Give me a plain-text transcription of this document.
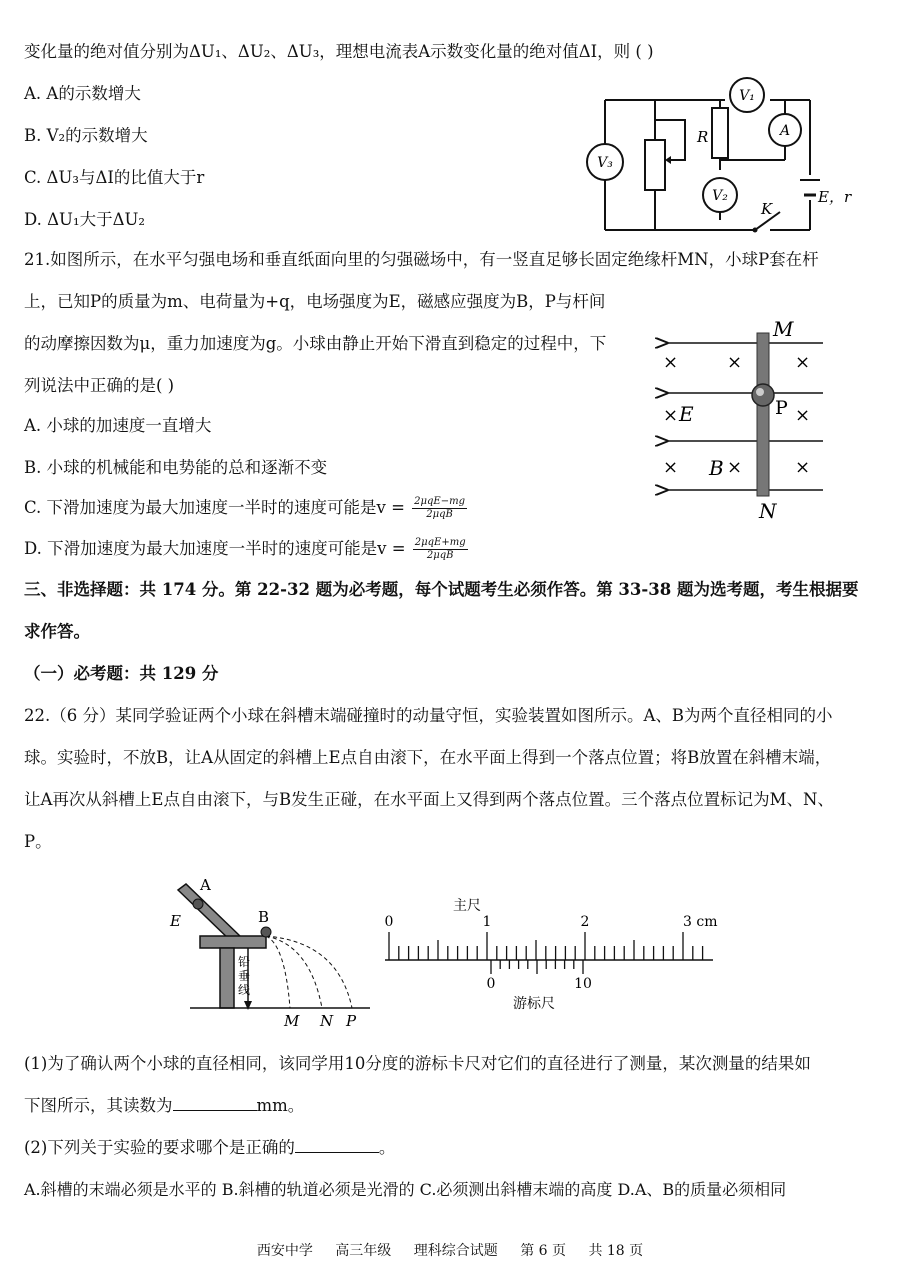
变化量的绝对值分别为ΔU₁、ΔU₂、ΔU₃，理想电流表A示数变化量的绝对值ΔI，则 ( )
A. A的示数增大
B. V₂的示数增大
C. ΔU₃与ΔI的比值大于r
D. ΔU₁大于ΔU₂
V₁
A
V₂
V₃
R
K
E，r
21.如图所示，在水平匀强电场和垂直纸面向里的匀强磁场中，有一竖直足够长固定绝缘杆MN，小球P套在杆
上，已知P的质量为m、电荷量为+q，电场强度为E，磁感应强度为B，P与杆间
的动摩擦因数为μ，重力加速度为g。小球由静止开始下滑直到稳定的过程中，下
列说法中正确的是( )
A. 小球的加速度一直增大
B. 小球的机械能和电势能的总和逐渐不变
C. 下滑加速度为最大加速度一半时的速度可能是$v = \frac{\text{2μqE−mg}}{\text{2μqB}}$
D. 下滑加速度为最大加速度一半时的速度可能是$v = \frac{\text{2μqE+mg}}{\text{2μqB}}$
×	×	×
×	×
×	×	×
M
N
P
E
B
三、非选择题：共 174 分。第 22-32 题为必考题，每个试题考生必须作答。第 33-38 题为选考题，考生根据要
求作答。
（一）必考题：共 129 分
22.（6 分）某同学验证两个小球在斜槽末端碰撞时的动量守恒，实验装置如图所示。A、B为两个直径相同的小
球。实验时，不放B，让A从固定的斜槽上E点自由滚下，在水平面上得到一个落点位置；将B放置在斜槽末端，
让A再次从斜槽上E点自由滚下，与B发生正碰，在水平面上又得到两个落点位置。三个落点位置标记为M、N、
P。
A
B
E
铅
垂
线
M N P
主尺
0	1	2	3 cm
0	10
游标尺
(1)为了确认两个小球的直径相同，该同学用10分度的游标卡尺对它们的直径进行了测量，某次测量的结果如
下图所示，其读数为	mm。
(2)下列关于实验的要求哪个是正确的	。
A.斜槽的末端必须是水平的 B.斜槽的轨道必须是光滑的 C.必须测出斜槽末端的高度 D.A、B的质量必须相同
西安中学 高三年级 理科综合试题 第 6 页 共 18 页
